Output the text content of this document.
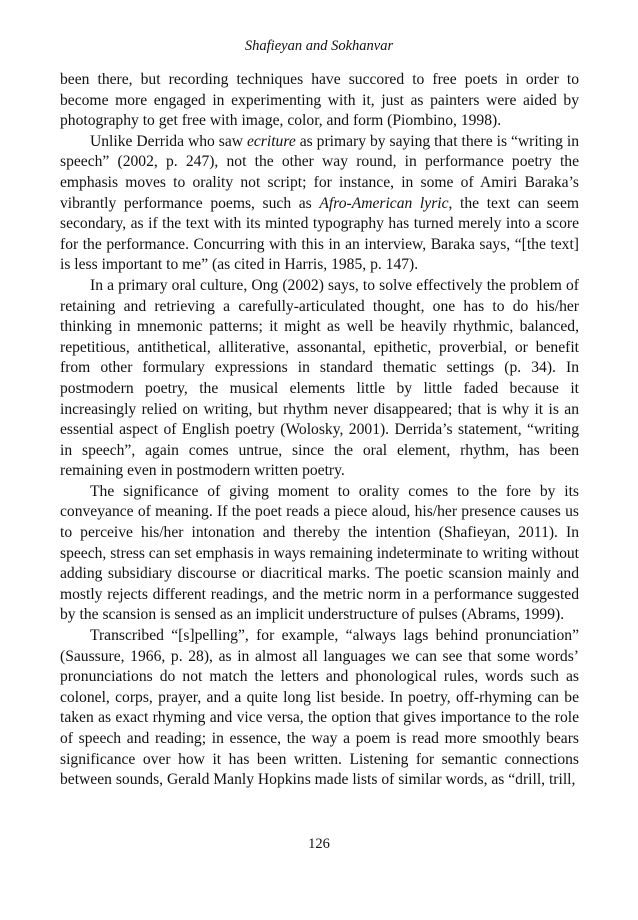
Shafieyan and Sokhanvar

been there, but recording techniques have succored to free poets in order to become more engaged in experimenting with it, just as painters were aided by photography to get free with image, color, and form (Piombino, 1998).

Unlike Derrida who saw ecriture as primary by saying that there is “writing in speech” (2002, p. 247), not the other way round, in performance poetry the emphasis moves to orality not script; for instance, in some of Amiri Baraka’s vibrantly performance poems, such as Afro-American lyric, the text can seem secondary, as if the text with its minted typography has turned merely into a score for the performance. Concurring with this in an interview, Baraka says, “[the text] is less important to me” (as cited in Harris, 1985, p. 147).

In a primary oral culture, Ong (2002) says, to solve effectively the problem of retaining and retrieving a carefully-articulated thought, one has to do his/her thinking in mnemonic patterns; it might as well be heavily rhythmic, balanced, repetitious, antithetical, alliterative, assonantal, epithetic, proverbial, or benefit from other formulary expressions in standard thematic settings (p. 34). In postmodern poetry, the musical elements little by little faded because it increasingly relied on writing, but rhythm never disappeared; that is why it is an essential aspect of English poetry (Wolosky, 2001). Derrida’s statement, “writing in speech”, again comes untrue, since the oral element, rhythm, has been remaining even in postmodern written poetry.

The significance of giving moment to orality comes to the fore by its conveyance of meaning. If the poet reads a piece aloud, his/her presence causes us to perceive his/her intonation and thereby the intention (Shafieyan, 2011). In speech, stress can set emphasis in ways remaining indeterminate to writing without adding subsidiary discourse or diacritical marks. The poetic scansion mainly and mostly rejects different readings, and the metric norm in a performance suggested by the scansion is sensed as an implicit understructure of pulses (Abrams, 1999).

Transcribed “[s]pelling”, for example, “always lags behind pronunciation” (Saussure, 1966, p. 28), as in almost all languages we can see that some words’ pronunciations do not match the letters and phonological rules, words such as colonel, corps, prayer, and a quite long list beside. In poetry, off-rhyming can be taken as exact rhyming and vice versa, the option that gives importance to the role of speech and reading; in essence, the way a poem is read more smoothly bears significance over how it has been written. Listening for semantic connections between sounds, Gerald Manly Hopkins made lists of similar words, as “drill, trill,

126
